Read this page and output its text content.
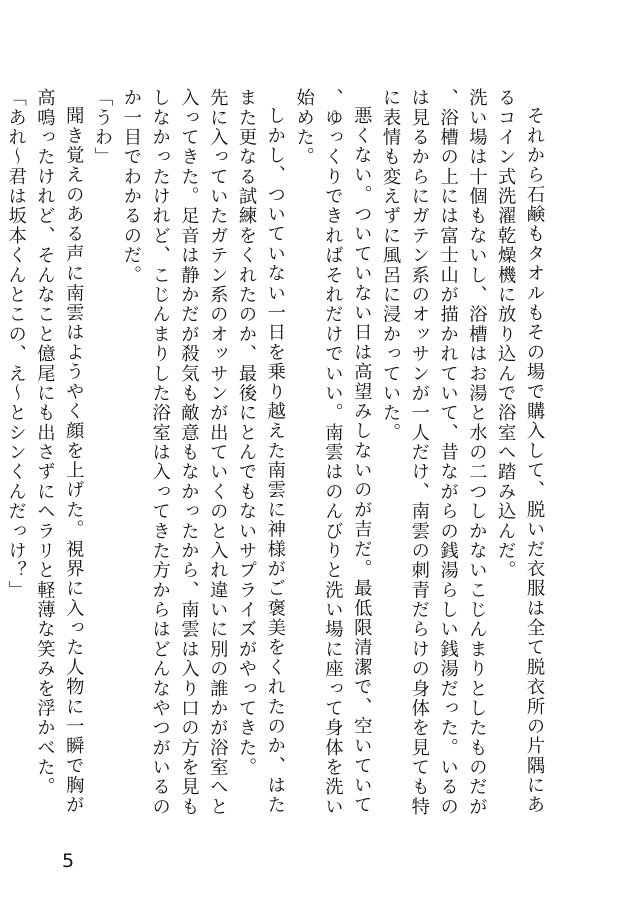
それから石鹸もタオルもその場で購入して、脱いだ衣服は全て脱衣所の片隅にあるコイン式洗濯乾燥機に放り込んで浴室へ踏み込んだ。

洗い場は十個もないし、浴槽はお湯と水の二つしかないこじんまりとしたものだが、浴槽の上には富士山が描かれていて、昔ながらの銭湯らしい銭湯だった。いるのは見るからにガテン系のオッサンが一人だけ、南雲の刺青だらけの身体を見ても特に表情も変えずに風呂に浸かっていた。

悪くない。ついていない日は高望みしないのが吉だ。最低限清潔で、空いていて、ゆっくりできればそれだけでいい。南雲はのんびりと洗い場に座って身体を洗い始めた。

しかし、ついていない一日を乗り越えた南雲に神様がご褒美をくれたのか、はたまた更なる試練をくれたのか、最後にとんでもないサプライズがやってきた。

先に入っていたガテン系のオッサンが出ていくのと入れ違いに別の誰かが浴室へと入ってきた。足音は静かだが殺気も敵意もなかったから、南雲は入り口の方を見もしなかったけれど、こじんまりした浴室は入ってきた方からはどんなやつがいるのか一目でわかるのだ。

「うわ」

聞き覚えのある声に南雲はようやく顔を上げた。視界に入った人物に一瞬で胸が高鳴ったけれど、そんなこと億尾にも出さずにヘラリと軽薄な笑みを浮かべた。

「あれ～君は坂本くんとこの、え～とシンくんだっけ？」

5
